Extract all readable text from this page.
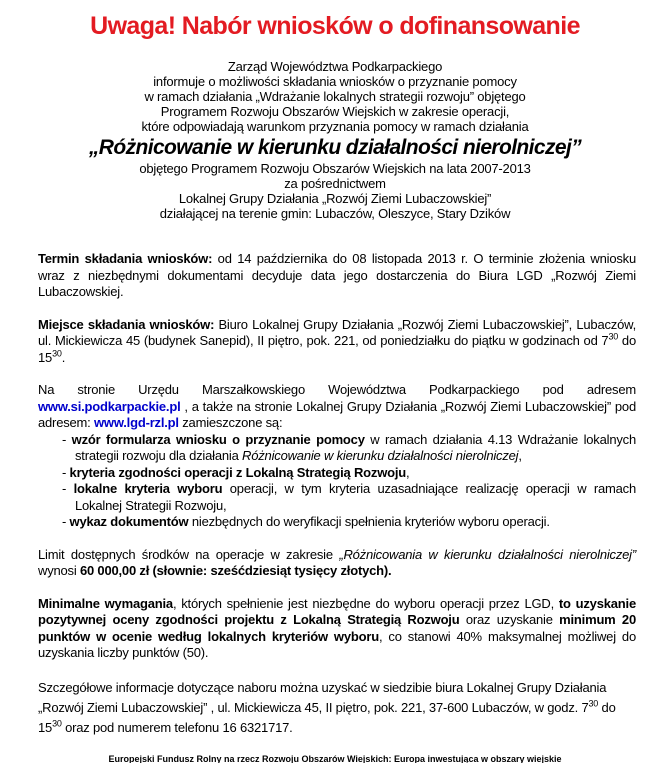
Uwaga! Nabór wniosków o dofinansowanie
Zarząd Województwa Podkarpackiego
informuje o możliwości składania wniosków o przyznanie pomocy
w ramach działania „Wdrażanie lokalnych strategii rozwoju” objętego
Programem Rozwoju Obszarów Wiejskich w zakresie operacji,
które odpowiadają warunkom przyznania pomocy w ramach działania
„Różnicowanie w kierunku działalności nierolniczej”
objętego Programem Rozwoju Obszarów Wiejskich na lata 2007-2013
za pośrednictwem
Lokalnej Grupy Działania „Rozwój Ziemi Lubaczowskiej”
działającej na terenie gmin: Lubaczów, Oleszyce, Stary Dzików

Termin składania wniosków: od 14 października do 08 listopada 2013 r. O terminie złożenia wniosku wraz z niezbędnymi dokumentami decyduje data jego dostarczenia do Biura LGD „Rozwój Ziemi Lubaczowskiej.

Miejsce składania wniosków: Biuro Lokalnej Grupy Działania „Rozwój Ziemi Lubaczowskiej”, Lubaczów, ul. Mickiewicza 45 (budynek Sanepid), II piętro, pok. 221, od poniedziałku do piątku w godzinach od $7^{30}$ do $15^{30}$.

Na stronie Urzędu Marszałkowskiego Województwa Podkarpackiego pod adresem www.si.podkarpackie.pl , a także na stronie Lokalnej Grupy Działania „Rozwój Ziemi Lubaczowskiej” pod adresem: www.lgd-rzl.pl zamieszczone są:

- wzór formularza wniosku o przyznanie pomocy w ramach działania 4.13 Wdrażanie lokalnych strategii rozwoju dla działania Różnicowanie w kierunku działalności nierolniczej,
- kryteria zgodności operacji z Lokalną Strategią Rozwoju,
- lokalne kryteria wyboru operacji, w tym kryteria uzasadniające realizację operacji w ramach Lokalnej Strategii Rozwoju,
- wykaz dokumentów niezbędnych do weryfikacji spełnienia kryteriów wyboru operacji.

Limit dostępnych środków na operacje w zakresie „Różnicowania w kierunku działalności nierolniczej” wynosi 60 000,00 zł (słownie: sześćdziesiąt tysięcy złotych).

Minimalne wymagania, których spełnienie jest niezbędne do wyboru operacji przez LGD, to uzyskanie pozytywnej oceny zgodności projektu z Lokalną Strategią Rozwoju oraz uzyskanie minimum 20 punktów w ocenie według lokalnych kryteriów wyboru, co stanowi 40% maksymalnej możliwej do uzyskania liczby punktów (50).

Szczegółowe informacje dotyczące naboru można uzyskać w siedzibie biura Lokalnej Grupy Działania „Rozwój Ziemi Lubaczowskiej” , ul. Mickiewicza 45, II piętro, pok. 221, 37-600 Lubaczów, w godz. $7^{30}$ do $15^{30}$ oraz pod numerem telefonu 16 6321717.

Europejski Fundusz Rolny na rzecz Rozwoju Obszarów Wiejskich: Europa inwestująca w obszary wiejskie
